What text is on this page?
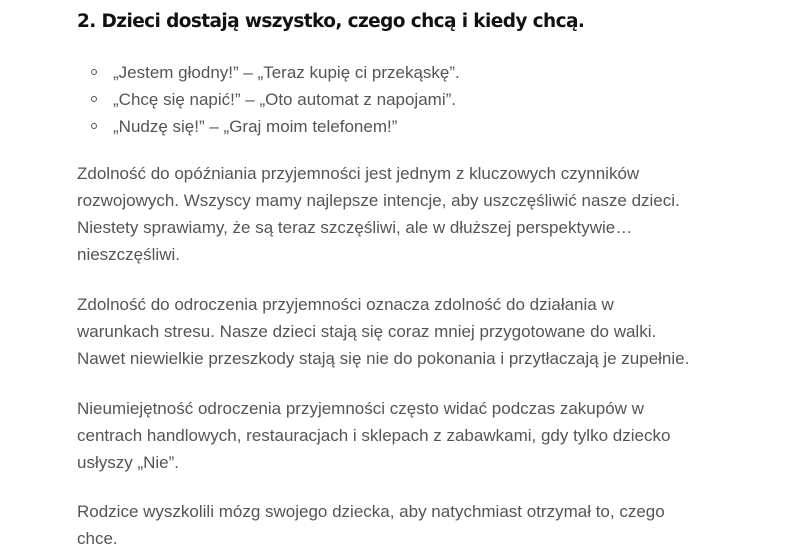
2. Dzieci dostają wszystko, czego chcą i kiedy chcą.
„Jestem głodny!” – „Teraz kupię ci przekąskę”.
„Chcę się napić!” – „Oto automat z napojami”.
„Nudzę się!” – „Graj moim telefonem!”

Zdolność do opóźniania przyjemności jest jednym z kluczowych czynników
rozwojowych. Wszyscy mamy najlepsze intencje, aby uszczęśliwić nasze dzieci.
Niestety sprawiamy, że są teraz szczęśliwi, ale w dłuższej perspektywie…
nieszczęśliwi.

Zdolność do odroczenia przyjemności oznacza zdolność do działania w
warunkach stresu. Nasze dzieci stają się coraz mniej przygotowane do walki.
Nawet niewielkie przeszkody stają się nie do pokonania i przytłaczają je zupełnie.

Nieumiejętność odroczenia przyjemności często widać podczas zakupów w
centrach handlowych, restauracjach i sklepach z zabawkami, gdy tylko dziecko
usłyszy „Nie”.

Rodzice wyszkolili mózg swojego dziecka, aby natychmiast otrzymał to, czego
chce.
